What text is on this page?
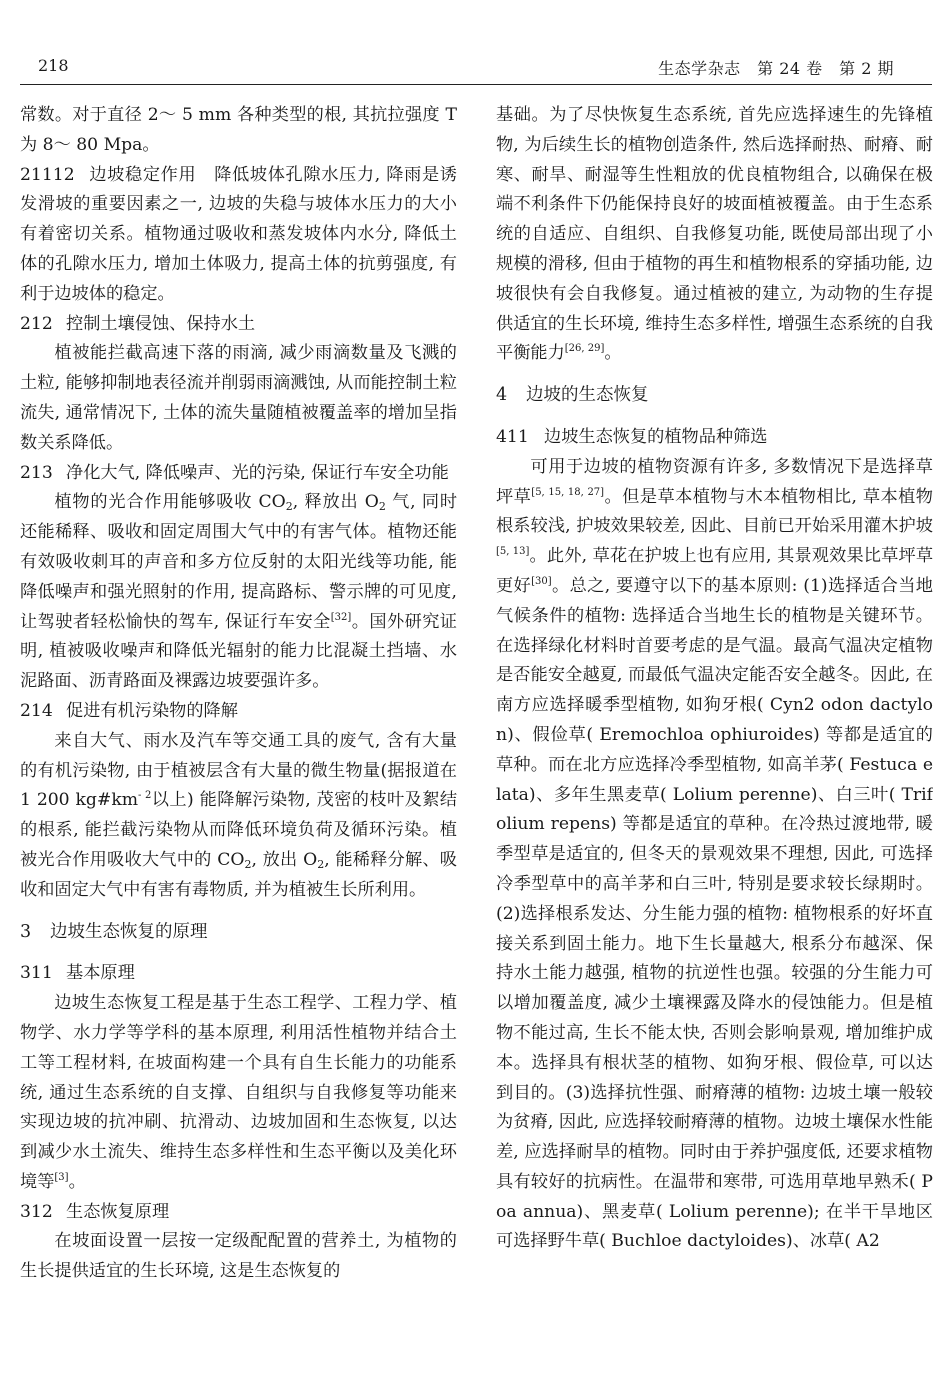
218	生态学杂志　第 24 卷　第 2 期

常数。对于直径 2～ 5 mm 各种类型的根, 其抗拉强度 T 为 8～ 80 Mpa。

21112 边坡稳定作用　 降低坡体孔隙水压力, 降雨是诱发滑坡的重要因素之一, 边坡的失稳与坡体水压力的大小有着密切关系。植物通过吸收和蒸发坡体内水分, 降低土体的孔隙水压力, 增加土体吸力, 提高土体的抗剪强度, 有利于边坡体的稳定。

212 控制土壤侵蚀、保持水土

植被能拦截高速下落的雨滴, 减少雨滴数量及飞溅的土粒, 能够抑制地表径流并削弱雨滴溅蚀, 从而能控制土粒流失, 通常情况下, 土体的流失量随植被覆盖率的增加呈指数关系降低。

213 净化大气, 降低噪声、光的污染, 保证行车安全功能

植物的光合作用能够吸收 $CO_2$, 释放出 $O_2$ 气, 同时还能稀释、吸收和固定周围大气中的有害气体。植物还能有效吸收刺耳的声音和多方位反射的太阳光线等功能, 能降低噪声和强光照射的作用, 提高路标、警示牌的可见度, 让驾驶者轻松愉快的驾车, 保证行车安全[32]。国外研究证明, 植被吸收噪声和降低光辐射的能力比混凝土挡墙、水泥路面、沥青路面及裸露边坡要强许多。

214 促进有机污染物的降解

来自大气、雨水及汽车等交通工具的废气, 含有大量的有机污染物, 由于植被层含有大量的微生物量(据报道在 1 200 $kg\#km^{- 2}$以上) 能降解污染物, 茂密的枝叶及絮结的根系, 能拦截污染物从而降低环境负荷及循环污染。植被光合作用吸收大气中的 $CO_2$, 放出 $O_2$, 能稀释分解、吸收和固定大气中有害有毒物质, 并为植被生长所利用。

3 边坡生态恢复的原理
311 基本原理

边坡生态恢复工程是基于生态工程学、工程力学、植物学、水力学等学科的基本原理, 利用活性植物并结合土工等工程材料, 在坡面构建一个具有自生长能力的功能系统, 通过生态系统的自支撑、自组织与自我修复等功能来实现边坡的抗冲刷、抗滑动、边坡加固和生态恢复, 以达到减少水土流失、维持生态多样性和生态平衡以及美化环境等[3]。

312 生态恢复原理

在坡面设置一层按一定级配配置的营养土, 为植物的生长提供适宜的生长环境, 这是生态恢复的

基础。为了尽快恢复生态系统, 首先应选择速生的先锋植物, 为后续生长的植物创造条件, 然后选择耐热、耐瘠、耐寒、耐旱、耐湿等生性粗放的优良植物组合, 以确保在极端不利条件下仍能保持良好的坡面植被覆盖。由于生态系统的自适应、自组织、自我修复功能, 既使局部出现了小规模的滑移, 但由于植物的再生和植物根系的穿插功能, 边坡很快有会自我修复。通过植被的建立, 为动物的生存提供适宜的生长环境, 维持生态多样性, 增强生态系统的自我平衡能力[26, 29]。

4 边坡的生态恢复
411 边坡生态恢复的植物品种筛选

可用于边坡的植物资源有许多, 多数情况下是选择草坪草[5, 15, 18, 27]。但是草本植物与木本植物相比, 草本植物根系较浅, 护坡效果较差, 因此、目前已开始采用灌木护坡[5, 13]。此外, 草花在护坡上也有应用, 其景观效果比草坪草更好[30]。总之, 要遵守以下的基本原则: (1)选择适合当地气候条件的植物: 选择适合当地生长的植物是关键环节。在选择绿化材料时首要考虑的是气温。最高气温决定植物是否能安全越夏, 而最低气温决定能否安全越冬。因此, 在南方应选择暖季型植物, 如狗牙根( Cyn2 odon dactylon)、假俭草( Eremochloa ophiuroides) 等都是适宜的草种。而在北方应选择冷季型植物, 如高羊茅( Festuca elata)、多年生黑麦草( Lolium perenne)、白三叶( Trifolium repens) 等都是适宜的草种。在冷热过渡地带, 暖季型草是适宜的, 但冬天的景观效果不理想, 因此, 可选择冷季型草中的高羊茅和白三叶, 特别是要求较长绿期时。(2)选择根系发达、分生能力强的植物: 植物根系的好坏直接关系到固土能力。地下生长量越大, 根系分布越深、保持水土能力越强, 植物的抗逆性也强。较强的分生能力可以增加覆盖度, 减少土壤裸露及降水的侵蚀能力。但是植物不能过高, 生长不能太快, 否则会影响景观, 增加维护成本。选择具有根状茎的植物、如狗牙根、假俭草, 可以达到目的。(3)选择抗性强、耐瘠薄的植物: 边坡土壤一般较为贫瘠, 因此, 应选择较耐瘠薄的植物。边坡土壤保水性能差, 应选择耐旱的植物。同时由于养护强度低, 还要求植物具有较好的抗病性。在温带和寒带, 可选用草地早熟禾( Poa annua)、黑麦草( Lolium perenne); 在半干旱地区可选择野牛草( Buchloe dactyloides)、冰草( A2
